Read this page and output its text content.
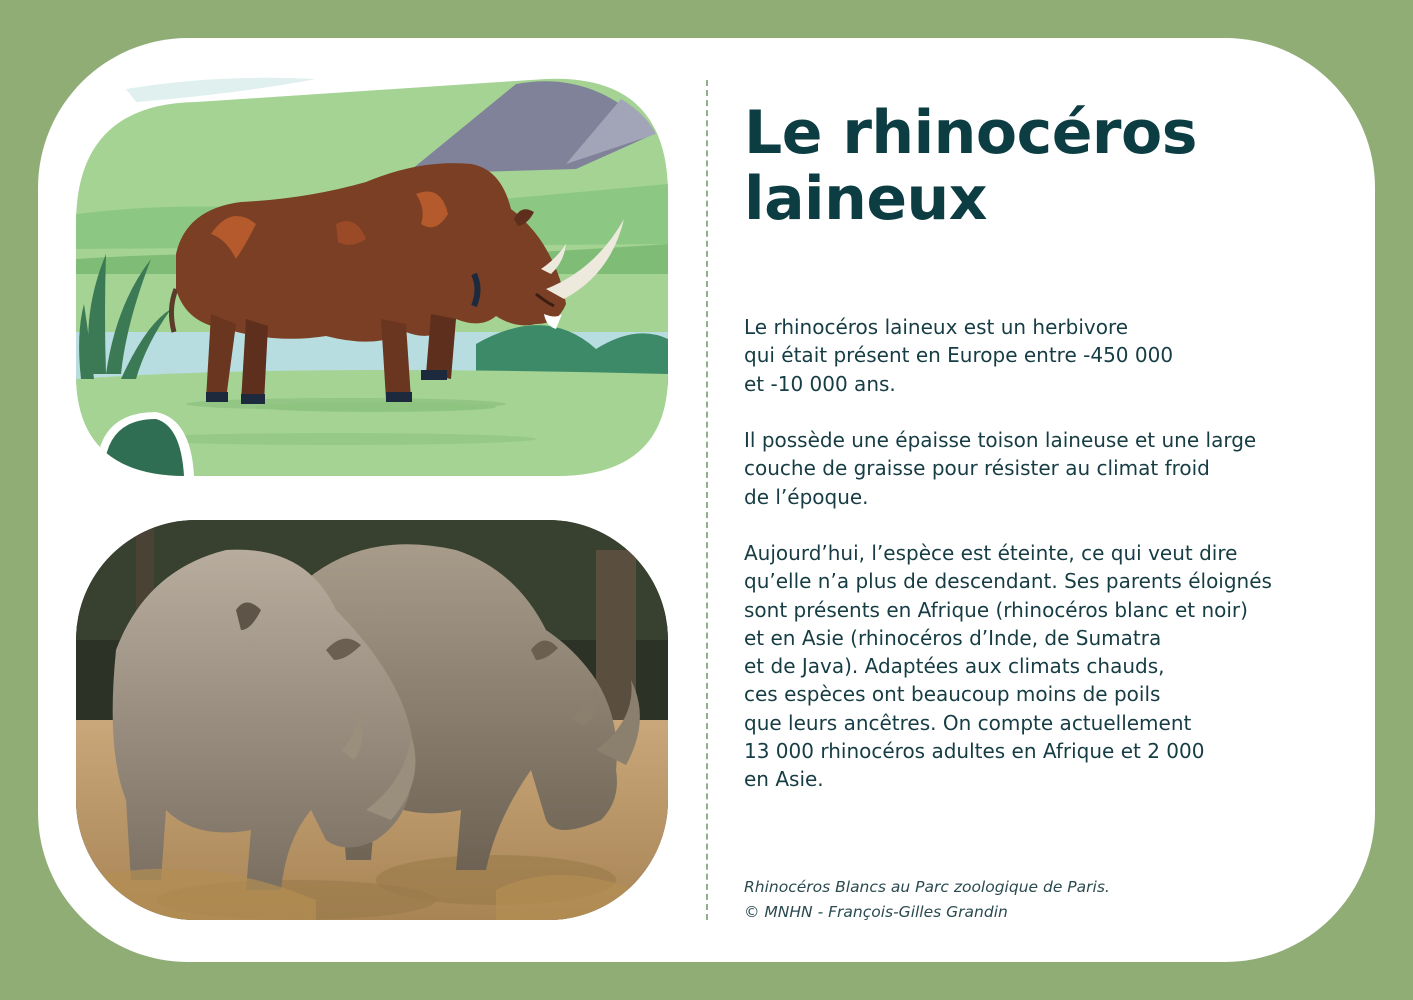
Le rhinocéros
laineux

Le rhinocéros laineux est un herbivore
qui était présent en Europe entre -450 000
et -10 000 ans.

Il possède une épaisse toison laineuse et une large
couche de graisse pour résister au climat froid
de l’époque.

Aujourd’hui, l’espèce est éteinte, ce qui veut dire
qu’elle n’a plus de descendant. Ses parents éloignés
sont présents en Afrique (rhinocéros blanc et noir)
et en Asie (rhinocéros d’Inde, de Sumatra
et de Java). Adaptées aux climats chauds,
ces espèces ont beaucoup moins de poils
que leurs ancêtres. On compte actuellement
13 000 rhinocéros adultes en Afrique et 2 000
en Asie.

Rhinocéros Blancs au Parc zoologique de Paris.
© MNHN - François-Gilles Grandin
